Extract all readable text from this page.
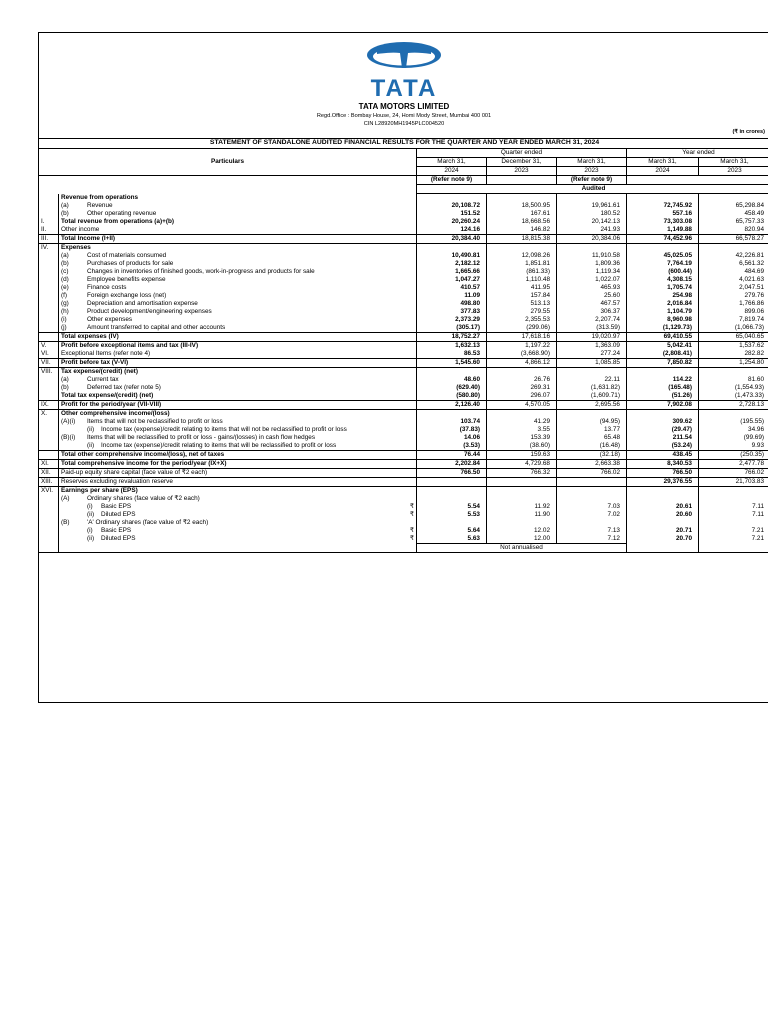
TATA
TATA MOTORS LIMITED
Regd.Office : Bombay House, 24, Homi Mody Street, Mumbai 400 001
CIN L28920MH1945PLC004520
(₹ in crores)
STATEMENT OF STANDALONE AUDITED FINANCIAL RESULTS FOR THE QUARTER AND YEAR ENDED MARCH 31, 2024						
Particulars		Quarter ended			Year ended	
		March 31,	December 31,	March 31,	March 31,	March 31,
		2024	2023	2023	2024	2023
		(Refer note 9)		(Refer note 9)		
		Audited				

	Revenue from operations					

	(a) Revenue	20,108.72	18,500.95	19,961.61	72,745.92	65,298.84

	(b) Other operating revenue	151.52	167.61	180.52	557.16	458.49
I.	Total revenue from operations (a)+(b)	20,260.24	18,668.56	20,142.13	73,303.08	65,757.33
II.	Other income	124.16	146.82	241.93	1,149.88	820.94
III.	Total Income (I+II)	20,384.40	18,815.38	20,384.06	74,452.96	66,578.27
IV.	Expenses					

	(a) Cost of materials consumed	10,490.81	12,098.26	11,910.58	45,025.05	42,226.81

	(b) Purchases of products for sale	2,182.12	1,851.81	1,809.36	7,764.19	6,561.32

	(c) Changes in inventories of finished goods, work-in-progress and products for sale	1,665.66	(861.33)	1,119.34	(600.44)	484.69

	(d) Employee benefits expense	1,047.27	1,110.48	1,022.07	4,308.15	4,021.63

	(e) Finance costs	410.57	411.95	465.93	1,705.74	2,047.51

	(f) Foreign exchange loss (net)	11.09	157.84	25.60	254.98	279.76

	(g) Depreciation and amortisation expense	498.80	513.13	467.57	2,016.84	1,766.86

	(h) Product development/engineering expenses	377.83	279.55	306.37	1,104.79	899.06

	(i) Other expenses	2,373.29	2,355.53	2,207.74	8,960.98	7,819.74

	(j) Amount transferred to capital and other accounts	(305.17)	(299.06)	(313.59)	(1,129.73)	(1,066.73)

	Total expenses (IV)	18,752.27	17,618.16	19,020.97	69,410.55	65,040.65
V.	Profit before exceptional items and tax (III-IV)	1,632.13	1,197.22	1,363.09	5,042.41	1,537.62
VI.	Exceptional Items (refer note 4)	86.53	(3,668.90)	277.24	(2,808.41)	282.82
VII.	Profit before tax (V-VI)	1,545.60	4,866.12	1,085.85	7,850.82	1,254.80
VIII.	Tax expense/(credit) (net)					

	(a) Current tax	48.60	26.76	22.11	114.22	81.60

	(b) Deferred tax (refer note 5)	(629.40)	269.31	(1,631.82)	(165.48)	(1,554.93)

	Total tax expense/(credit) (net)	(580.80)	296.07	(1,609.71)	(51.26)	(1,473.33)
IX.	Profit for the period/year (VII-VIII)	2,126.40	4,570.05	2,695.56	7,902.08	2,728.13
X.	Other comprehensive income/(loss)					

	(A)(i) Items that will not be reclassified to profit or loss	103.74	41.29	(94.95)	309.62	(195.55)

	(ii) Income tax (expense)/credit relating to items that will not be reclassified to profit or loss	(37.83)	3.55	13.77	(29.47)	34.96

	(B)(i) Items that will be reclassified to profit or loss - gains/(losses) in cash flow hedges	14.06	153.39	65.48	211.54	(99.69)

	(ii) Income tax (expense)/credit relating to items that will be reclassified to profit or loss	(3.53)	(38.60)	(16.48)	(53.24)	9.93

	Total other comprehensive income/(loss), net of taxes	76.44	159.63	(32.18)	438.45	(250.35)
XI.	Total comprehensive income for the period/year (IX+X)	2,202.84	4,729.68	2,663.38	8,340.53	2,477.78
XII.	Paid-up equity share capital (face value of ₹2 each)	766.50	766.32	766.02	766.50	766.02
XIII.	Reserves excluding revaluation reserve				29,376.55	21,703.83
XVI.	Earnings per share (EPS)					

	(A) Ordinary shares (face value of ₹2 each)					

	(i) Basic EPS ₹	5.54	11.92	7.03	20.61	7.11

	(ii) Diluted EPS ₹	5.53	11.90	7.02	20.60	7.11

	(B) 'A' Ordinary shares (face value of ₹2 each)					

	(i) Basic EPS ₹	5.64	12.02	7.13	20.71	7.21

	(ii) Diluted EPS ₹	5.63	12.00	7.12	20.70	7.21
		Not annualised				
